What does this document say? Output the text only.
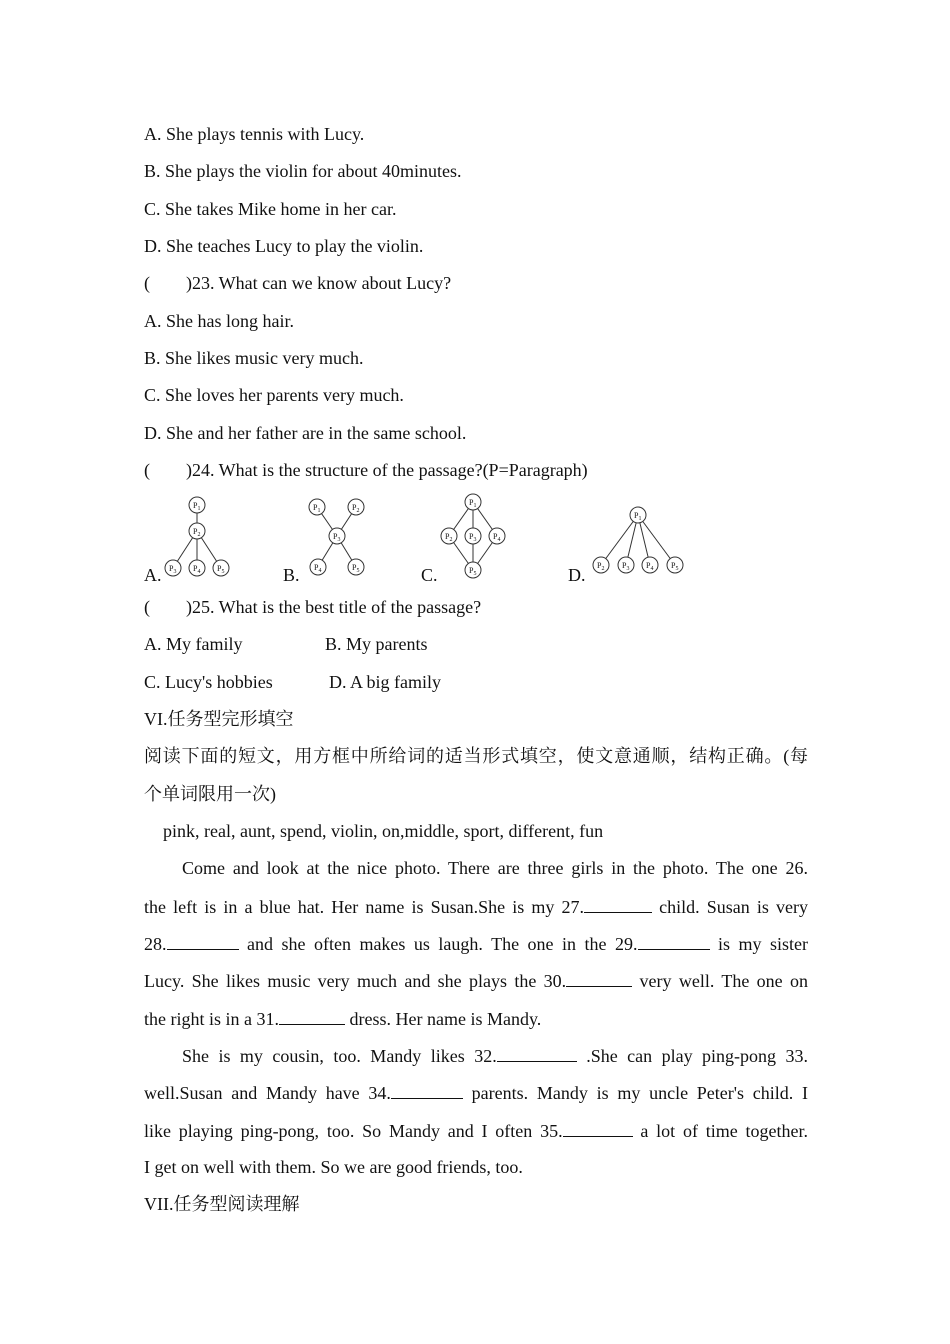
A. She plays tennis with Lucy.
B. She plays the violin for about 40minutes.
C. She takes Mike home in her car.
D. She teaches Lucy to play the violin.
(　　)23. What can we know about Lucy?
A. She has long hair.
B. She likes music very much.
C. She loves her parents very much.
D. She and her father are in the same school.
(　　)24. What is the structure of the passage?(P=Paragraph)
A.	B.	C.	D.
$P_1$
$P_2$
$P_3$ $P_4$ $P_5$
$P_1$	$P_2$
$P_3$
$P_4$	$P_5$
$P_1$
$P_2$ $P_3$ $P_4$
$P_5$
$P_1$
$P_2$ $P_3$ $P_4$ $P_5$
(　　)25. What is the best title of the passage?
A. My family	B. My parents
C. Lucy's hobbies	D. A big family
VI.任务型完形填空
阅读下面的短文，用方框中所给词的适当形式填空，使文意通顺，结构正确。(每
个单词限用一次)
pink, real, aunt, spend, violin, on,middle, sport, different, fun
Come and look at the nice photo. There are three girls in the photo. The one 26.
the left is in a blue hat. Her name is Susan.She is my 27.	child. Susan is very
28.	and she often makes us laugh. The one in the 29.	is my sister
Lucy. She likes music very much and she plays the 30.	very well. The one on
the right is in a 31.	dress. Her name is Mandy.
She is my cousin, too. Mandy likes 32.	.She can play ping-pong 33.
well.Susan and Mandy have 34.	parents. Mandy is my uncle Peter's child. I
like playing ping-pong, too. So Mandy and I often 35.	a lot of time together.
I get on well with them. So we are good friends, too.
VII.任务型阅读理解
